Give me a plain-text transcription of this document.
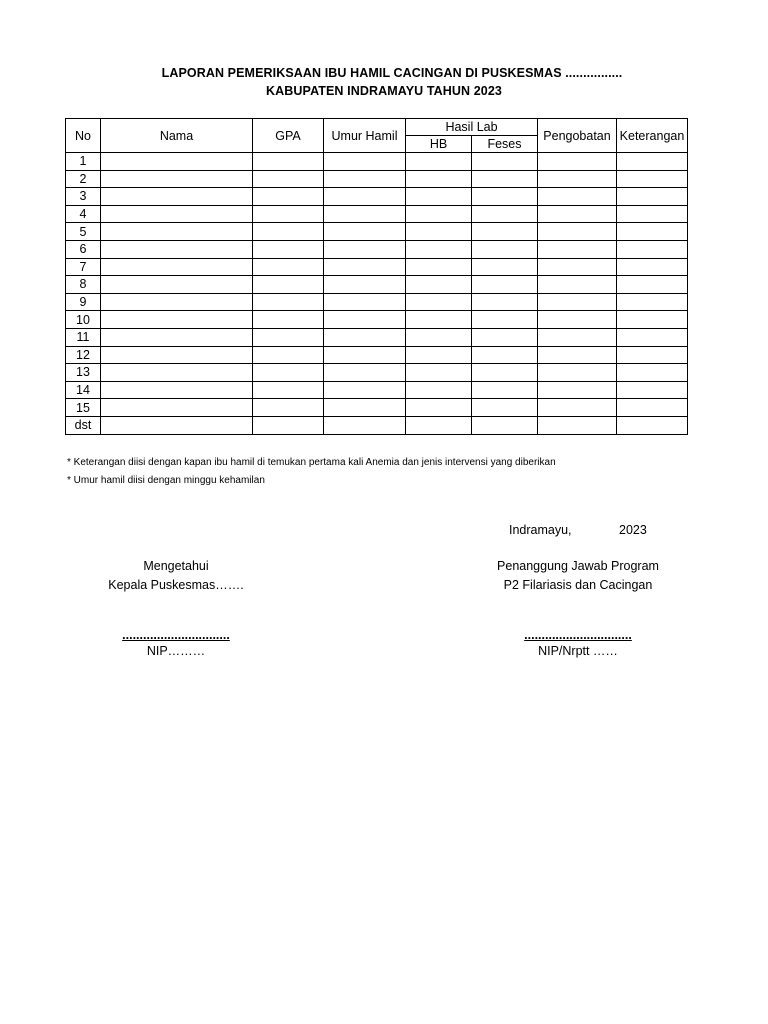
LAPORAN PEMERIKSAAN IBU HAMIL CACINGAN DI PUSKESMAS ................
KABUPATEN INDRAMAYU TAHUN 2023
No	Nama	GPA	Umur Hamil	Hasil Lab		Pengobatan	Keterangan
				HB	Feses		
1							
2							
3							
4							
5							
6							
7							
8							
9							
10							
11							
12							
13							
14							
15							
dst							
* Keterangan diisi dengan kapan ibu hamil di temukan pertama kali Anemia dan jenis intervensi yang diberikan
* Umur hamil diisi dengan minggu kehamilan
Indramayu,	2023
Mengetahui
Kepala Puskesmas…….
...............................
NIP………
Penanggung Jawab Program
P2 Filariasis dan Cacingan
...............................
NIP/Nrptt ……
